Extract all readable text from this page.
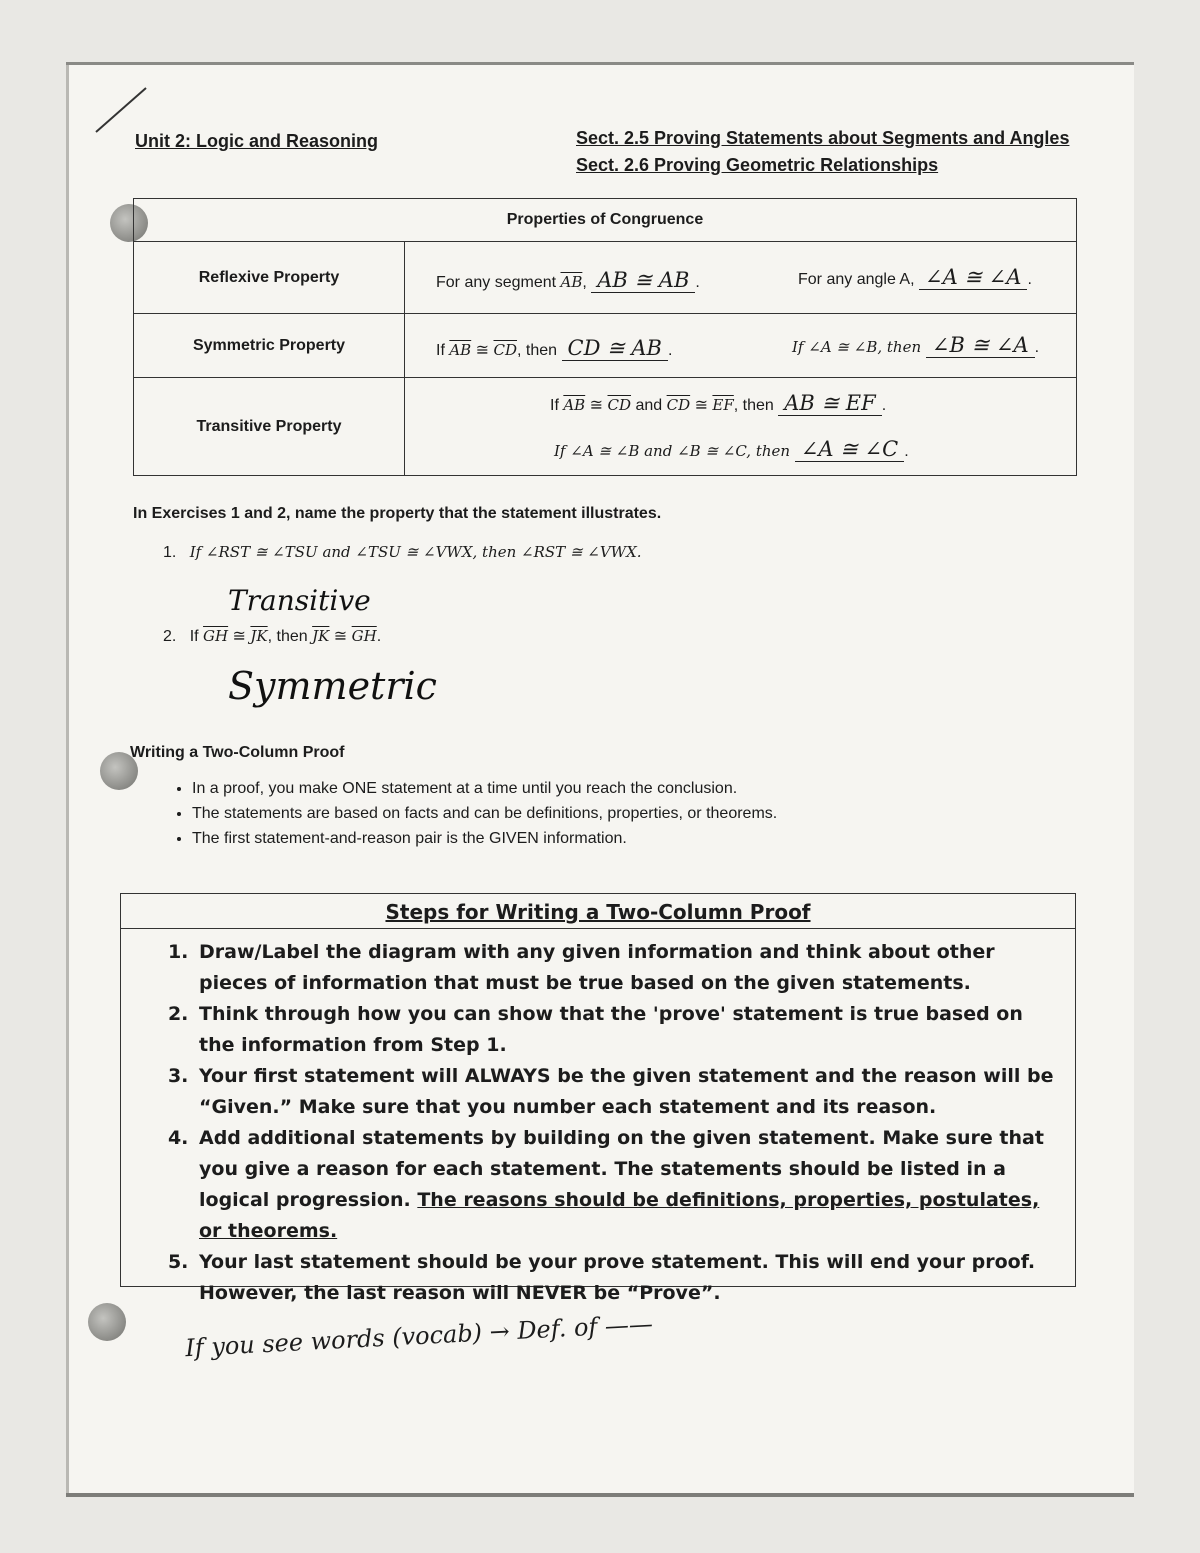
Unit 2: Logic and Reasoning	Sect. 2.5 Proving Statements about Segments and Angles
Sect. 2.6 Proving Geometric Relationships
Properties of Congruence	
Reflexive Property	For any segment $\overline{AB}$, AB ≅ AB . For any angle A, ∠A ≅ ∠A .

Symmetric Property	If $\overline{AB}$ ≅ $\overline{CD}$, then CD ≅ AB . If ∠A ≅ ∠B, then ∠B ≅ ∠A .

Transitive Property	If $\overline{AB}$ ≅ $\overline{CD}$ and $\overline{CD}$ ≅ $\overline{EF}$, then AB ≅ EF .
If ∠A ≅ ∠B and ∠B ≅ ∠C, then ∠A ≅ ∠C .
In Exercises 1 and 2, name the property that the statement illustrates.
1. If ∠RST ≅ ∠TSU and ∠TSU ≅ ∠VWX, then ∠RST ≅ ∠VWX.
Transitive
2. If $\overline{GH}$ ≅ $\overline{JK}$, then $\overline{JK}$ ≅ $\overline{GH}$.
Symmetric
Writing a Two-Column Proof
• In a proof, you make ONE statement at a time until you reach the conclusion.
• The statements are based on facts and can be definitions, properties, or theorems.
• The first statement-and-reason pair is the GIVEN information.
Steps for Writing a Two-Column Proof
1. Draw/Label the diagram with any given information and think about other pieces of information that must be true based on the given statements.
2. Think through how you can show that the 'prove' statement is true based on the information from Step 1.
3. Your first statement will ALWAYS be the given statement and the reason will be “Given.” Make sure that you number each statement and its reason.
4. Add additional statements by building on the given statement. Make sure that you give a reason for each statement. The statements should be listed in a logical progression. The reasons should be definitions, properties, postulates, or theorems.
5. Your last statement should be your prove statement. This will end your proof. However, the last reason will NEVER be “Prove”.
If you see words (vocab) → Def. of ——
